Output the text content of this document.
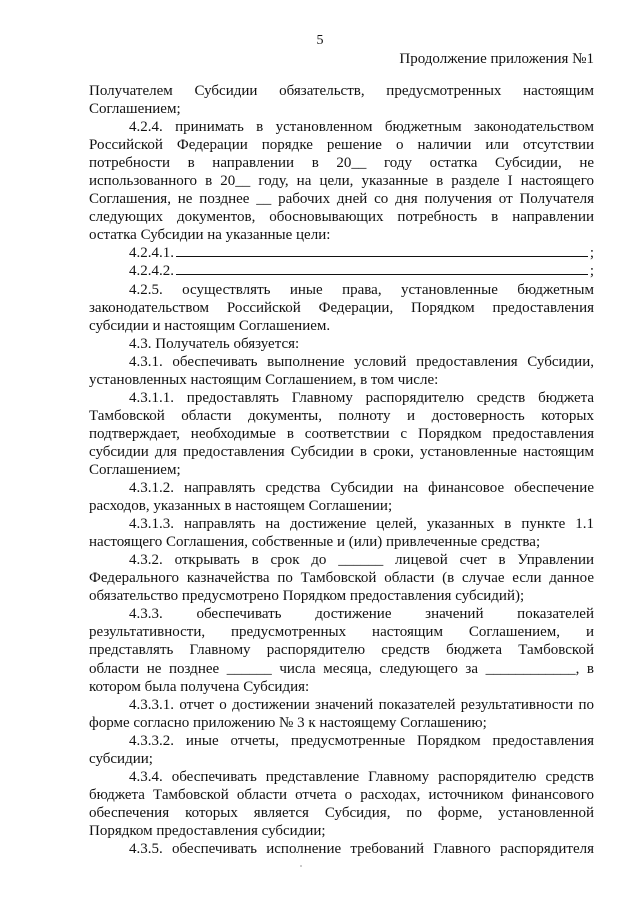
5
Продолжение приложения №1

Получателем Субсидии обязательств, предусмотренных настоящим
Соглашением;

4.2.4. принимать в установленном бюджетным законодательством
Российской Федерации порядке решение о наличии или отсутствии
потребности в направлении в 20__ году остатка Субсидии, не
использованного в 20__ году, на цели, указанные в разделе I настоящего
Соглашения, не позднее __ рабочих дней со дня получения от Получателя
следующих документов, обосновывающих потребность в направлении
остатка Субсидии на указанные цели:

4.2.4.1.	;

4.2.4.2.	;

4.2.5. осуществлять иные права, установленные бюджетным
законодательством Российской Федерации, Порядком предоставления
субсидии и настоящим Соглашением.

4.3. Получатель обязуется:

4.3.1. обеспечивать выполнение условий предоставления Субсидии,
установленных настоящим Соглашением, в том числе:

4.3.1.1. предоставлять Главному распорядителю средств бюджета
Тамбовской области документы, полноту и достоверность которых
подтверждает, необходимые в соответствии с Порядком предоставления
субсидии для предоставления Субсидии в сроки, установленные настоящим
Соглашением;

4.3.1.2. направлять средства Субсидии на финансовое обеспечение
расходов, указанных в настоящем Соглашении;

4.3.1.3. направлять на достижение целей, указанных в пункте 1.1
настоящего Соглашения, собственные и (или) привлеченные средства;

4.3.2. открывать в срок до ______ лицевой счет в Управлении
Федерального казначейства по Тамбовской области (в случае если данное
обязательство предусмотрено Порядком предоставления субсидий);

4.3.3. обеспечивать достижение значений показателей
результативности, предусмотренных настоящим Соглашением, и
представлять Главному распорядителю средств бюджета Тамбовской
области не позднее ______ числа месяца, следующего за ____________, в
котором была получена Субсидия:

4.3.3.1. отчет о достижении значений показателей результативности по
форме согласно приложению № 3 к настоящему Соглашению;

4.3.3.2. иные отчеты, предусмотренные Порядком предоставления
субсидии;

4.3.4. обеспечивать представление Главному распорядителю средств
бюджета Тамбовской области отчета о расходах, источником финансового
обеспечения которых является Субсидия, по форме, установленной
Порядком предоставления субсидии;

4.3.5. обеспечивать исполнение требований Главного распорядителя
